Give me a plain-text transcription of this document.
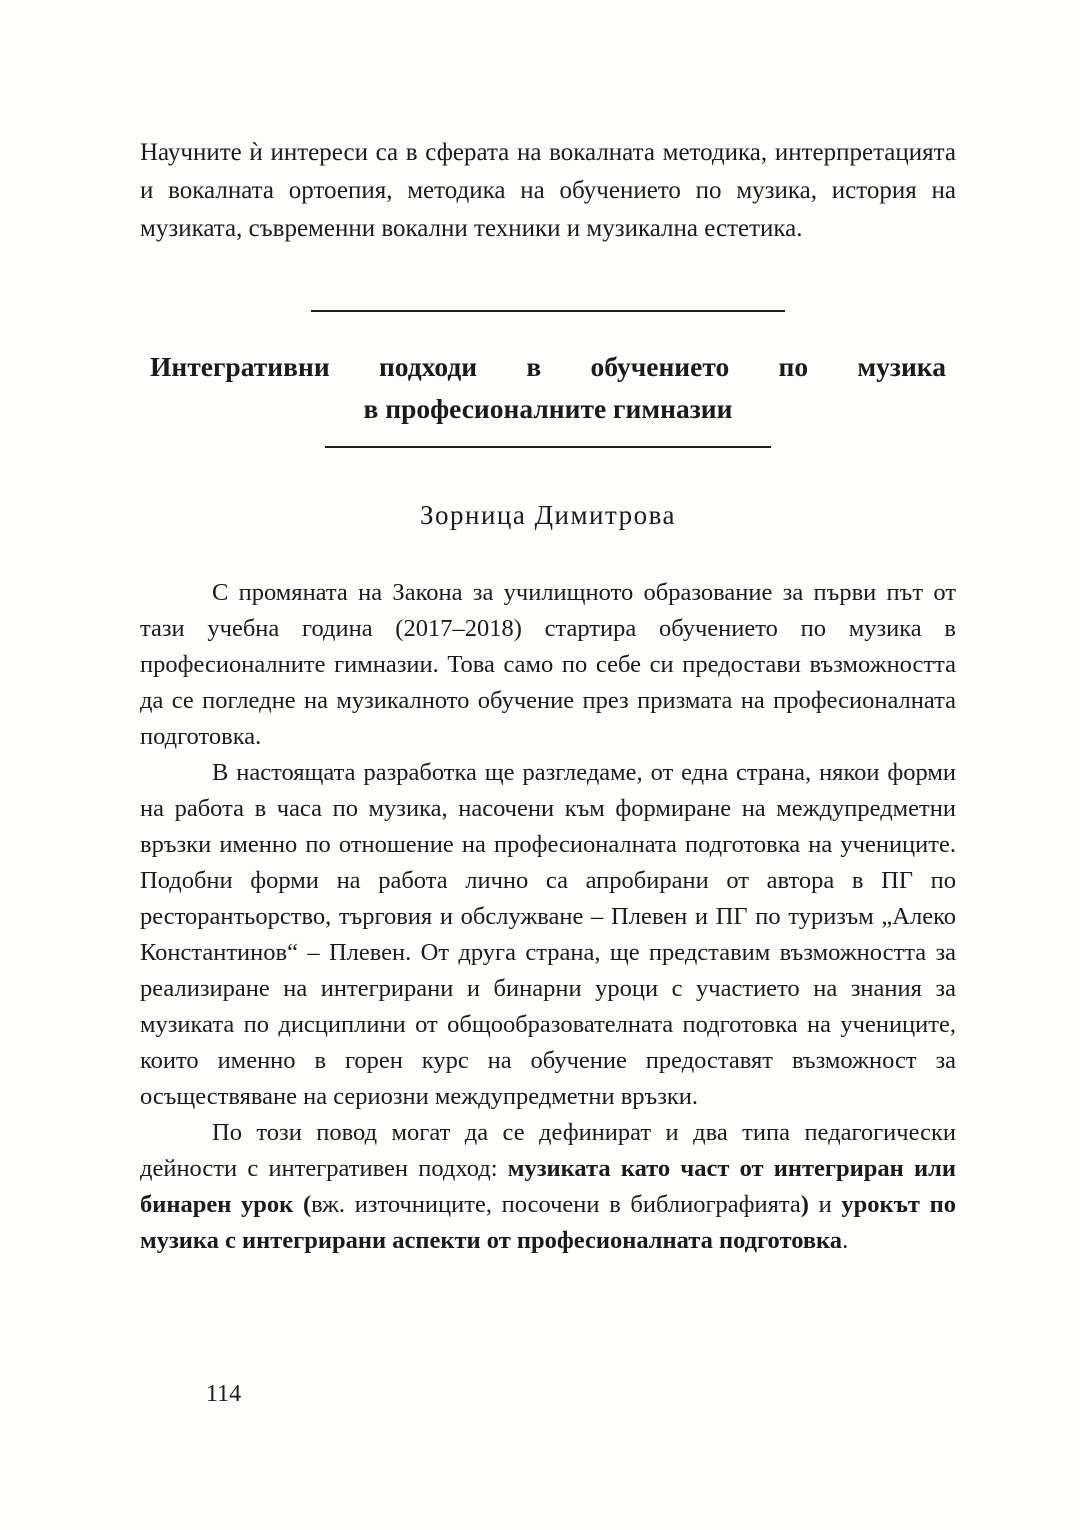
Научните ѝ интереси са в сферата на вокалната методика, интерпретацията и вокалната ортоепия, методика на обучението по музика, история на музиката, съвременни вокални техники и музикална естетика.

Интегративни подходи в обучението по музика
в професионалните гимназии
Зорница Димитрова

С промяната на Закона за училищното образование за първи път от тази учебна година (2017–2018) стартира обучението по музика в професионалните гимназии. Това само по себе си предостави възможността да се погледне на музикалното обучение през призмата на професионалната подготовка.

В настоящата разработка ще разгледаме, от една страна, някои форми на работа в часа по музика, насочени към формиране на междупредметни връзки именно по отношение на професионалната подготовка на учениците. Подобни форми на работа лично са апробирани от автора в ПГ по ресторантьорство, търговия и обслужване – Плевен и ПГ по туризъм „Алеко Константинов“ – Плевен. От друга страна, ще представим възможността за реализиране на интегрирани и бинарни уроци с участието на знания за музиката по дисциплини от общообразователната подготовка на учениците, които именно в горен курс на обучение предоставят възможност за осъществяване на сериозни междупредметни връзки.

По този повод могат да се дефинират и два типа педагогически дейности с интегративен подход: музиката като част от интегриран или бинарен урок (вж. източниците, посочени в библиографията) и урокът по музика с интегрирани аспекти от професионалната подготовка.

114
